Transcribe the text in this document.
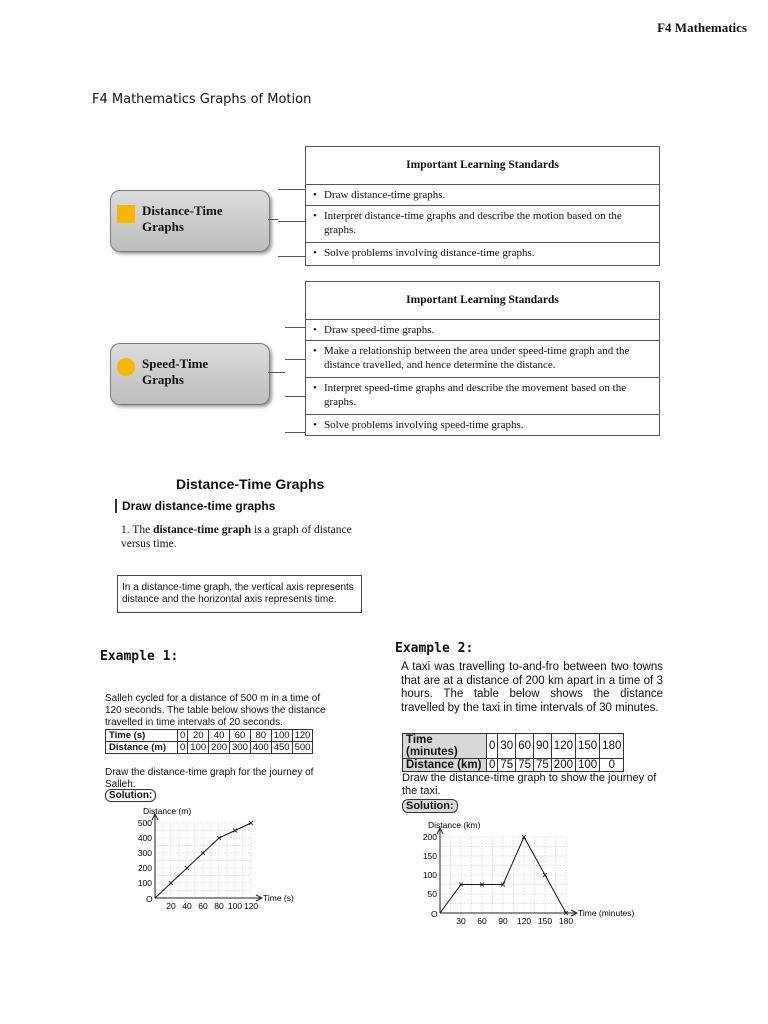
F4 Mathematics
F4 Mathematics Graphs of Motion
Distance-Time Graphs
Important Learning Standards
• Draw distance-time graphs.
• Interpret distance-time graphs and describe the motion based on the graphs.
• Solve problems involving distance-time graphs.
Speed-Time Graphs
Important Learning Standards
• Draw speed-time graphs.
• Make a relationship between the area under speed-time graph and the distance travelled, and hence determine the distance.
• Interpret speed-time graphs and describe the movement based on the graphs.
• Solve problems involving speed-time graphs.
Distance-Time Graphs
Draw distance-time graphs
1. The distance-time graph is a graph of distance versus time.
In a distance-time graph, the vertical axis represents distance and the horizontal axis represents time.
Example 1:
Salleh cycled for a distance of 500 m in a time of 120 seconds. The table below shows the distance travelled in time intervals of 20 seconds.
Time (s)	0	20	40	60	80	100	120
Distance (m)	0	100	200	300	400	450	500
Draw the distance-time graph for the journey of Salleh.
Solution:
Distance (m)
Time (s)
O
20 40 60 80 100 120
100
200
300
400
500
Example 2:
A taxi was travelling to-and-fro between two towns that are at a distance of 200 km apart in a time of 3 hours. The table below shows the distance travelled by the taxi in time intervals of 30 minutes.
Time (minutes)	0	30	60	90	120	150	180
Distance (km)	0	75	75	75	200	100	0
Draw the distance-time graph to show the journey of the taxi.
Solution:
Distance (km)
Time (minutes)
O
30 60 90 120 150 180
50
100
150
200
